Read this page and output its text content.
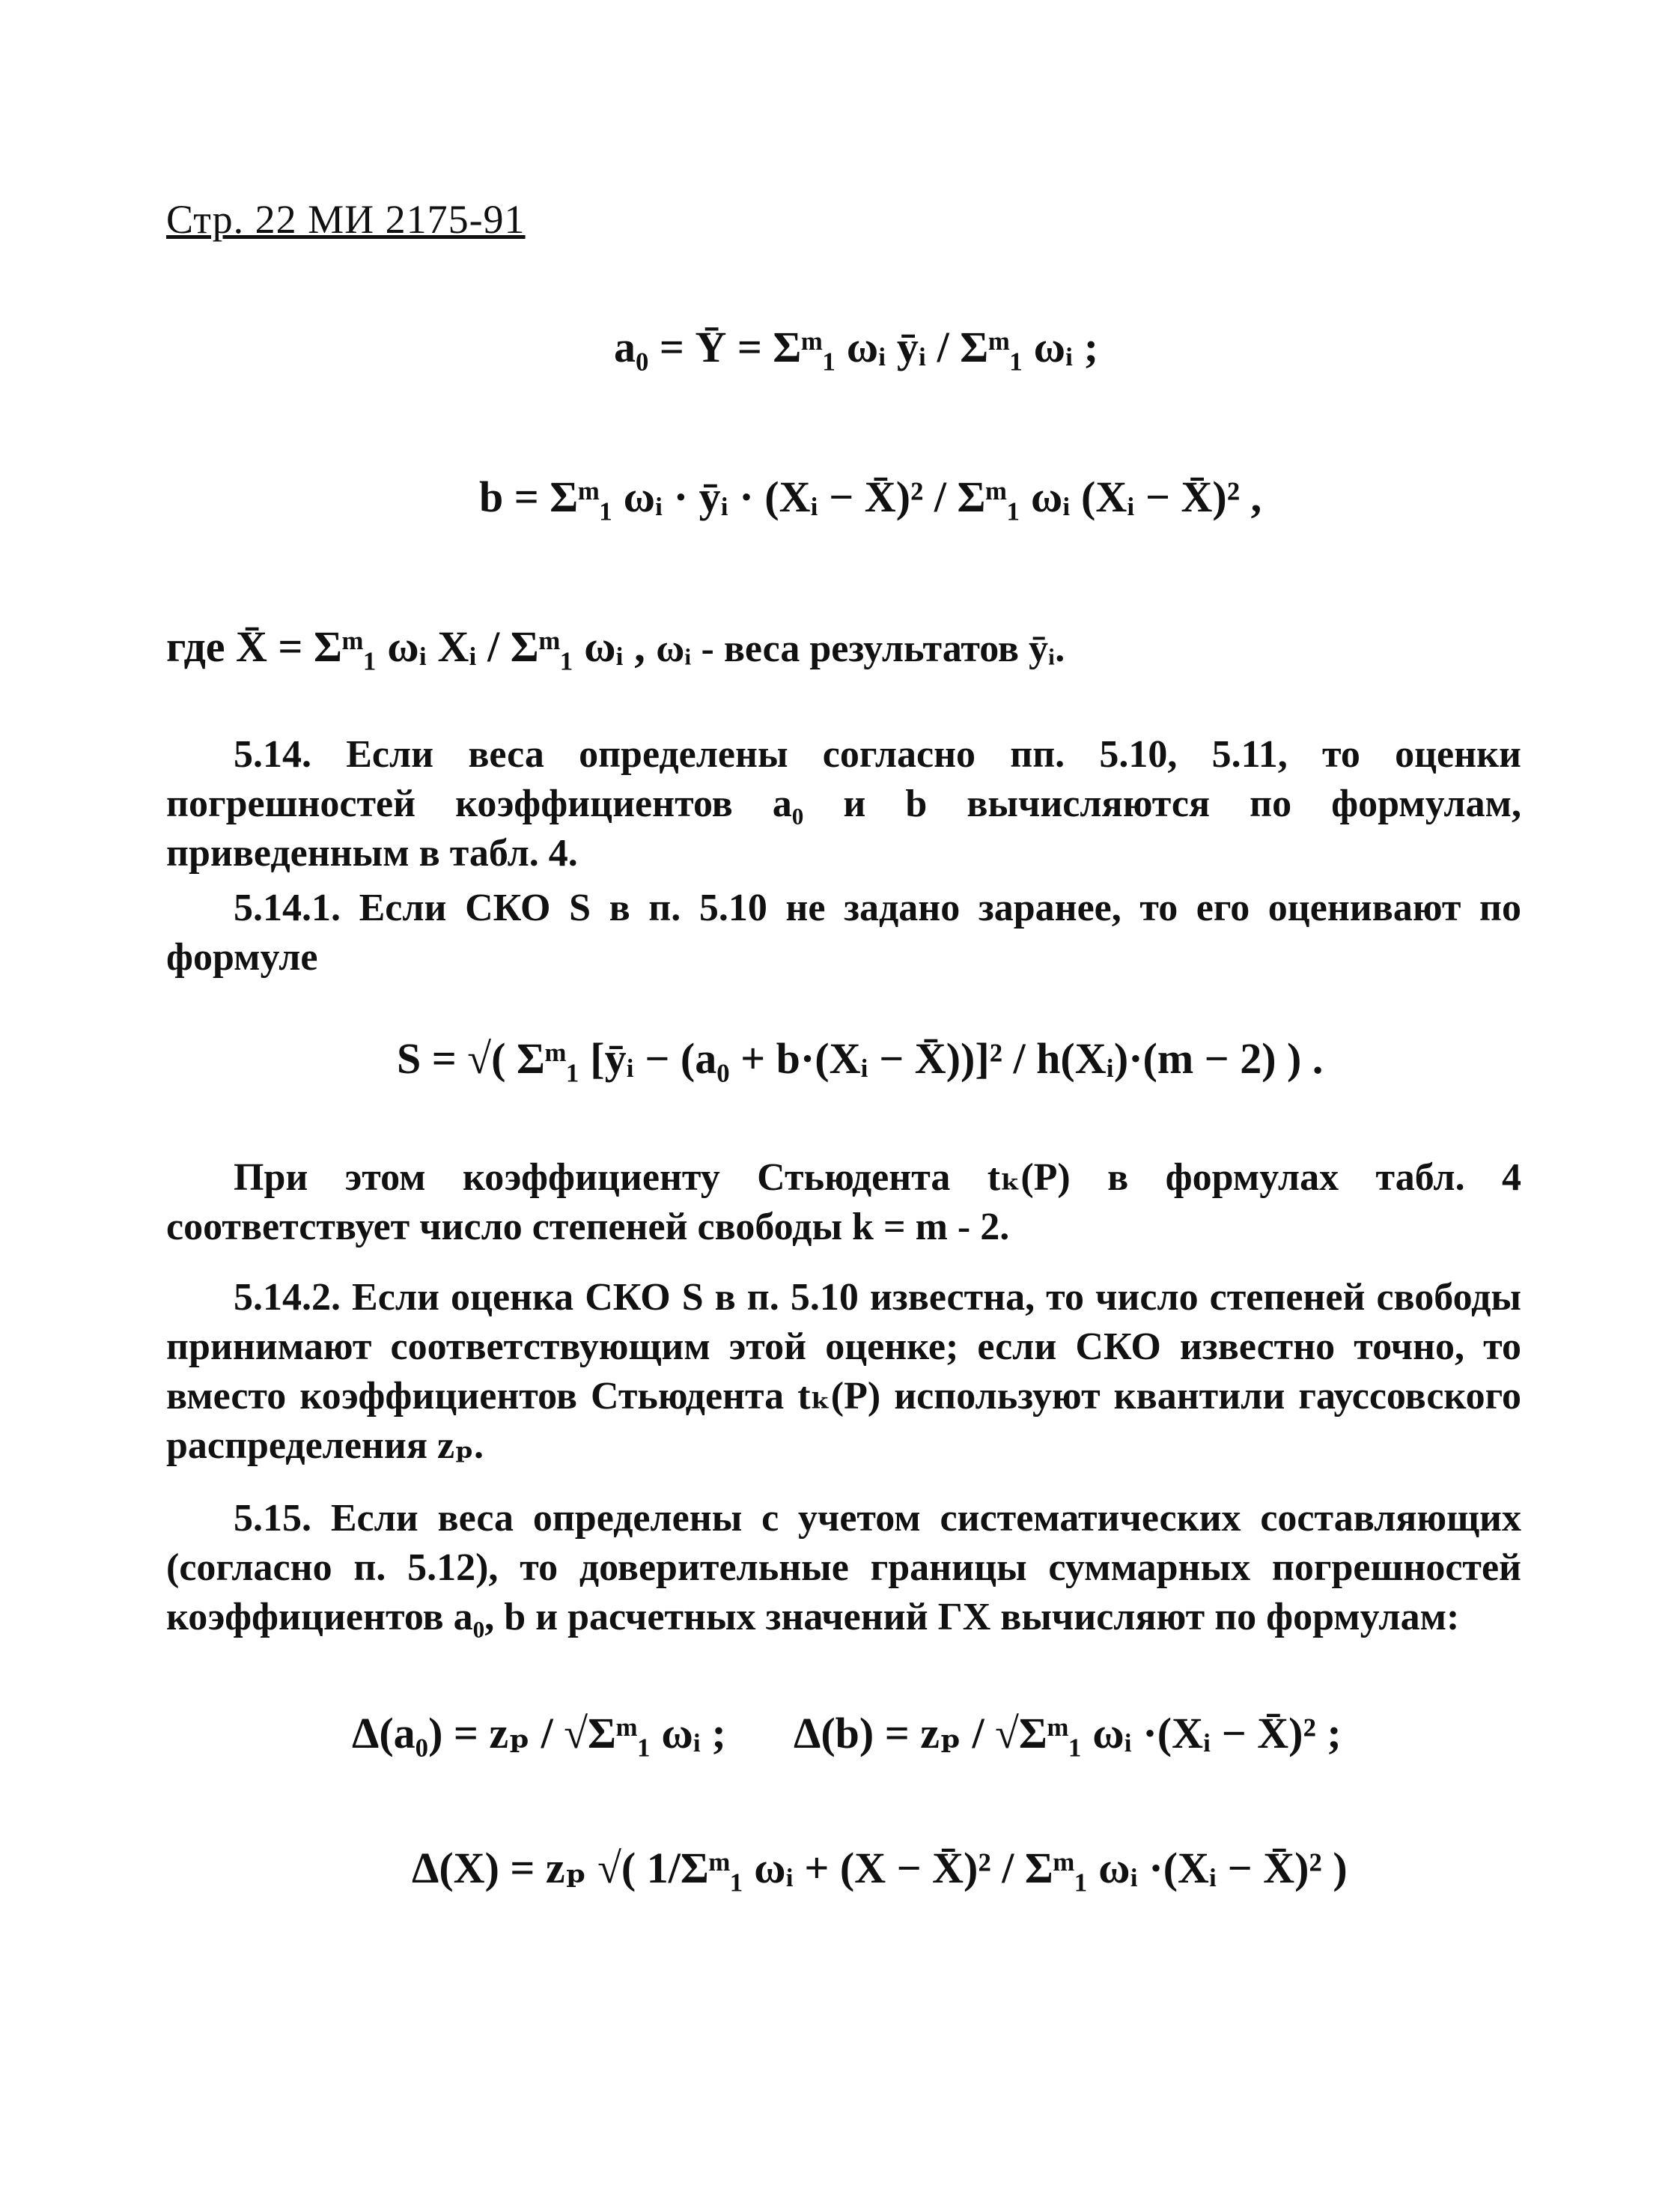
Стр. 22 МИ 2175-91
a₀ = Ȳ = Σᵐ₁ ωᵢ ȳᵢ / Σᵐ₁ ωᵢ ;
b = Σᵐ₁ ωᵢ · ȳᵢ · (Xᵢ − X̄)² / Σᵐ₁ ωᵢ (Xᵢ − X̄)² ,
где X̄ = Σᵐ₁ ωᵢ Xᵢ / Σᵐ₁ ωᵢ , ωᵢ - веса результатов ȳᵢ.
5.14. Если веса определены согласно пп. 5.10, 5.11, то оценки погрешностей коэффициентов a₀ и b вычисляются по формулам, приведенным в табл. 4.
5.14.1. Если СКО S в п. 5.10 не задано заранее, то его оценивают по формуле
S = √( Σᵐ₁ [ȳᵢ − (a₀ + b·(Xᵢ − X̄))]² / h(Xᵢ)·(m − 2) ) .
При этом коэффициенту Стьюдента tₖ(P) в формулах табл. 4 соответствует число степеней свободы k = m - 2.
5.14.2. Если оценка СКО S в п. 5.10 известна, то число степеней свободы принимают соответствующим этой оценке; если СКО известно точно, то вместо коэффициентов Стьюдента tₖ(P) используют квантили гауссовского распределения zₚ.
5.15. Если веса определены с учетом систематических составляющих (согласно п. 5.12), то доверительные границы суммарных погрешностей коэффициентов a₀, b и расчетных значений ГХ вычисляют по формулам:
Δ(a₀) = zₚ / √Σᵐ₁ ωᵢ ; Δ(b) = zₚ / √Σᵐ₁ ωᵢ ·(Xᵢ − X̄)² ;
Δ(X) = zₚ √( 1/Σᵐ₁ ωᵢ + (X − X̄)² / Σᵐ₁ ωᵢ ·(Xᵢ − X̄)² )
